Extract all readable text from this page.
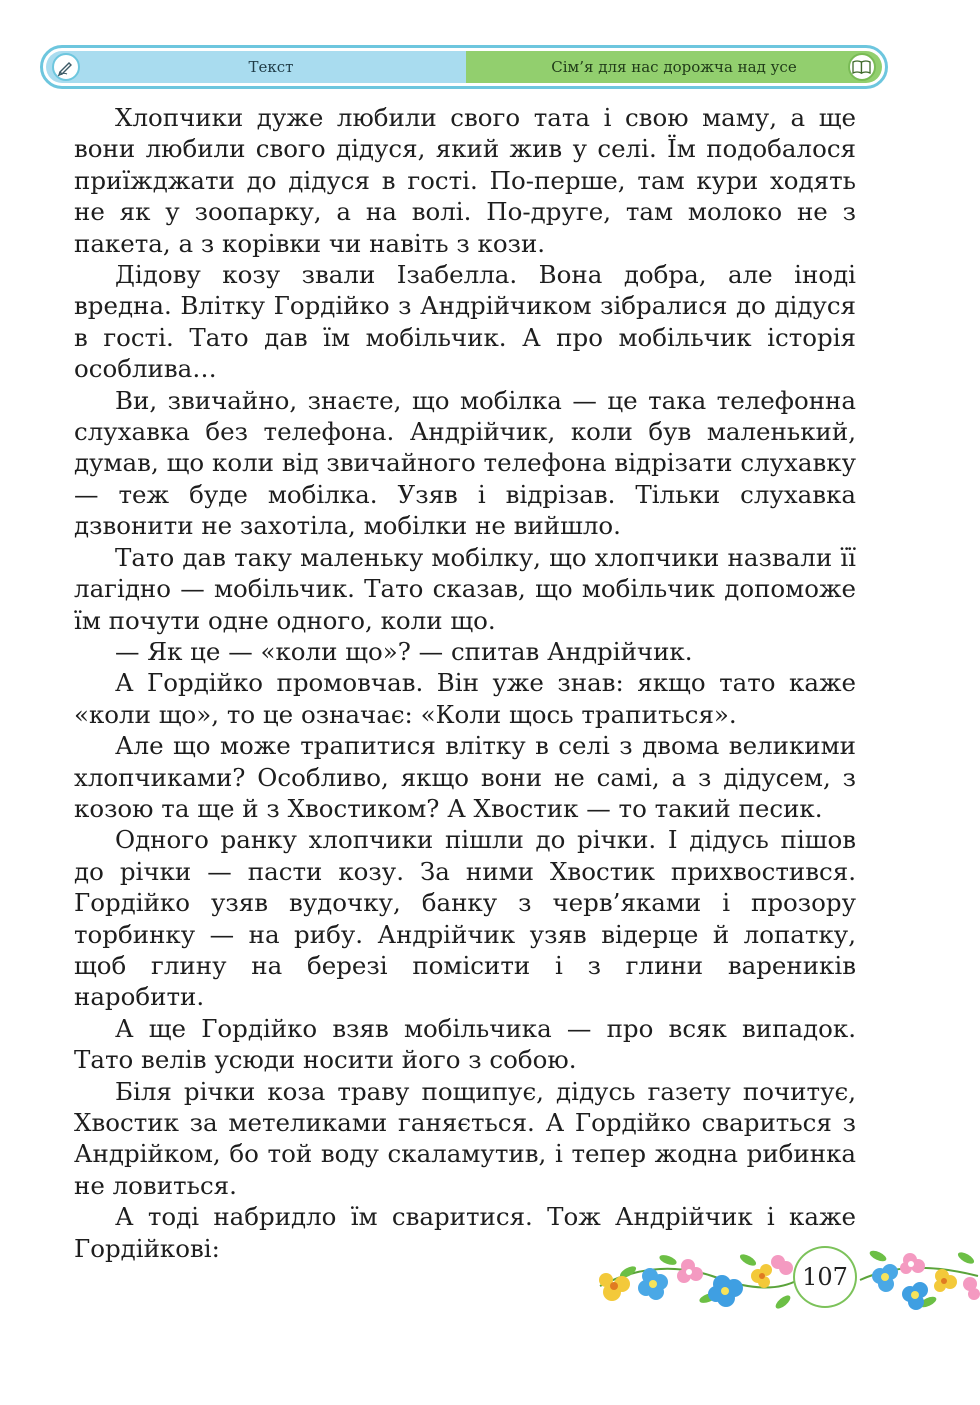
Текст	Сім’я для нас дорожча над усе

Хлопчики дуже любили свого тата і свою маму, а ще вони любили свого дідуся, який жив у селі. Їм подобалося приїжджати до дідуся в гості. По-перше, там кури ходять не як у зоопарку, а на волі. По-друге, там молоко не з пакета, а з корівки чи навіть з кози.

Дідову козу звали Ізабелла. Вона добра, але іноді вредна. Влітку Гордійко з Андрійчиком зібралися до дідуся в гості. Тато дав їм мобільчик. А про мобільчик історія особлива…

Ви, звичайно, знаєте, що мобілка — це така телефонна слухавка без телефона. Андрійчик, коли був маленький, думав, що коли від звичайного телефона відрізати слухавку — теж буде мобілка. Узяв і відрізав. Тільки слухавка дзвонити не захотіла, мобілки не вийшло.

Тато дав таку маленьку мобілку, що хлопчики назвали її лагідно — мобільчик. Тато сказав, що мобільчик допоможе їм почути одне одного, коли що.

— Як це — «коли що»? — спитав Андрійчик.

А Гордійко промовчав. Він уже знав: якщо тато каже «коли що», то це означає: «Коли щось трапиться».

Але що може трапитися влітку в селі з двома великими хлопчиками? Особливо, якщо вони не самі, а з дідусем, з козою та ще й з Хвостиком? А Хвостик — то такий песик.

Одного ранку хлопчики пішли до річки. І дідусь пішов до річки — пасти козу. За ними Хвостик прихвостився. Гордійко узяв вудочку, банку з черв’яками і прозору торбинку — на рибу. Андрійчик узяв відерце й лопатку, щоб глину на березі помісити і з глини вареників наробити.

А ще Гордійко взяв мобільчика — про всяк випадок. Тато велів усюди носити його з собою.

Біля річки коза траву пощипує, дідусь газету почитує, Хвостик за метеликами ганяється. А Гордійко свариться з Андрійком, бо той воду скаламутив, і тепер жодна рибинка не ловиться.

А тоді набридло їм сваритися. Тож Андрійчик і каже Гордійкові:

107
